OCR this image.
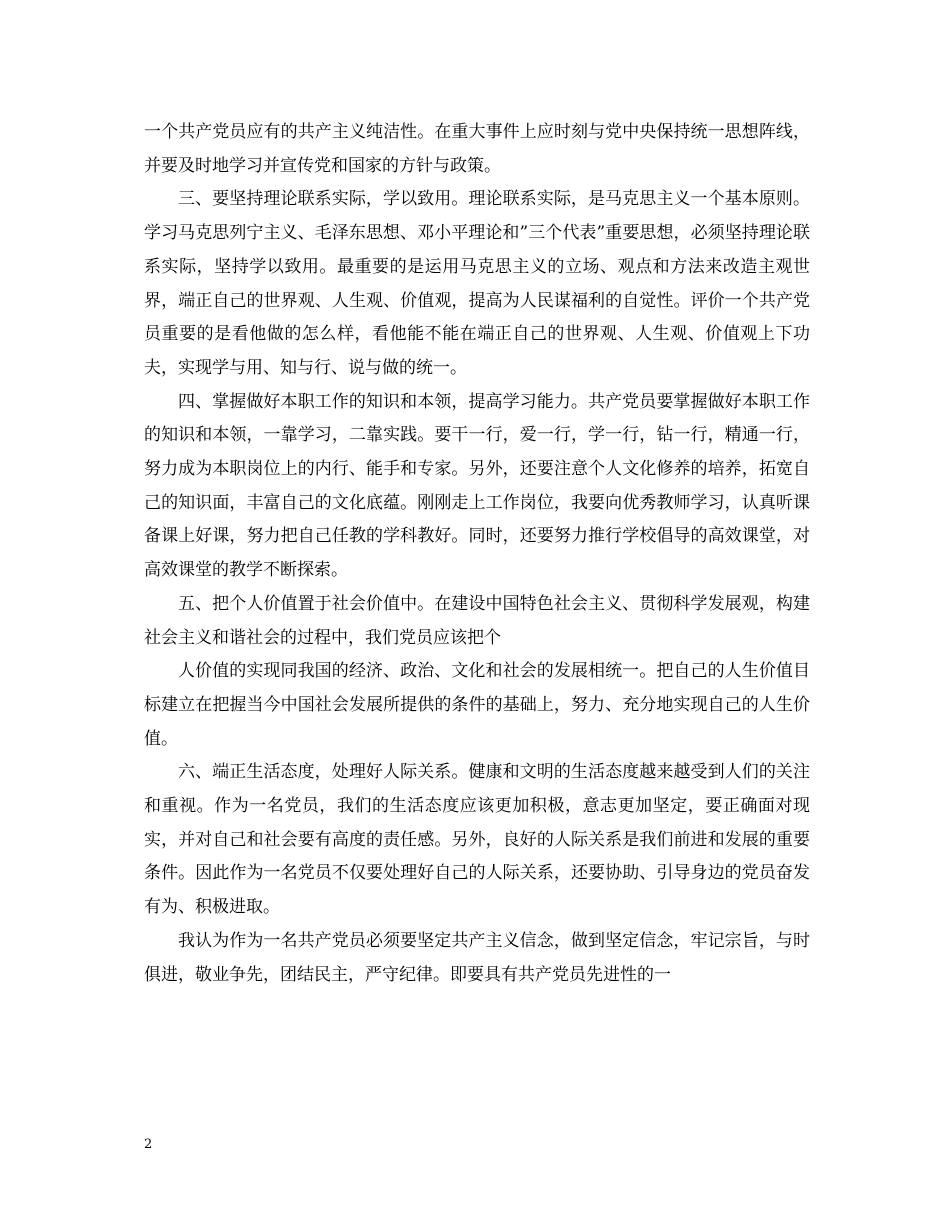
一个共产党员应有的共产主义纯洁性。在重大事件上应时刻与党中央保持统一思想阵线，并要及时地学习并宣传党和国家的方针与政策。

三、要坚持理论联系实际，学以致用。理论联系实际，是马克思主义一个基本原则。学习马克思列宁主义、毛泽东思想、邓小平理论和”三个代表”重要思想，必须坚持理论联系实际，坚持学以致用。最重要的是运用马克思主义的立场、观点和方法来改造主观世界，端正自己的世界观、人生观、价值观，提高为人民谋福利的自觉性。评价一个共产党员重要的是看他做的怎么样，看他能不能在端正自己的世界观、人生观、价值观上下功夫，实现学与用、知与行、说与做的统一。

四、掌握做好本职工作的知识和本领，提高学习能力。共产党员要掌握做好本职工作的知识和本领，一靠学习，二靠实践。要干一行，爱一行，学一行，钻一行，精通一行，努力成为本职岗位上的内行、能手和专家。另外，还要注意个人文化修养的培养，拓宽自己的知识面，丰富自己的文化底蕴。刚刚走上工作岗位，我要向优秀教师学习，认真听课备课上好课，努力把自己任教的学科教好。同时，还要努力推行学校倡导的高效课堂，对高效课堂的教学不断探索。

五、把个人价值置于社会价值中。在建设中国特色社会主义、贯彻科学发展观，构建社会主义和谐社会的过程中，我们党员应该把个

人价值的实现同我国的经济、政治、文化和社会的发展相统一。把自己的人生价值目标建立在把握当今中国社会发展所提供的条件的基础上，努力、充分地实现自己的人生价值。

六、端正生活态度，处理好人际关系。健康和文明的生活态度越来越受到人们的关注和重视。作为一名党员，我们的生活态度应该更加积极，意志更加坚定，要正确面对现实，并对自己和社会要有高度的责任感。另外，良好的人际关系是我们前进和发展的重要条件。因此作为一名党员不仅要处理好自己的人际关系，还要协助、引导身边的党员奋发有为、积极进取。

我认为作为一名共产党员必须要坚定共产主义信念，做到坚定信念，牢记宗旨，与时俱进，敬业争先，团结民主，严守纪律。即要具有共产党员先进性的一

2
